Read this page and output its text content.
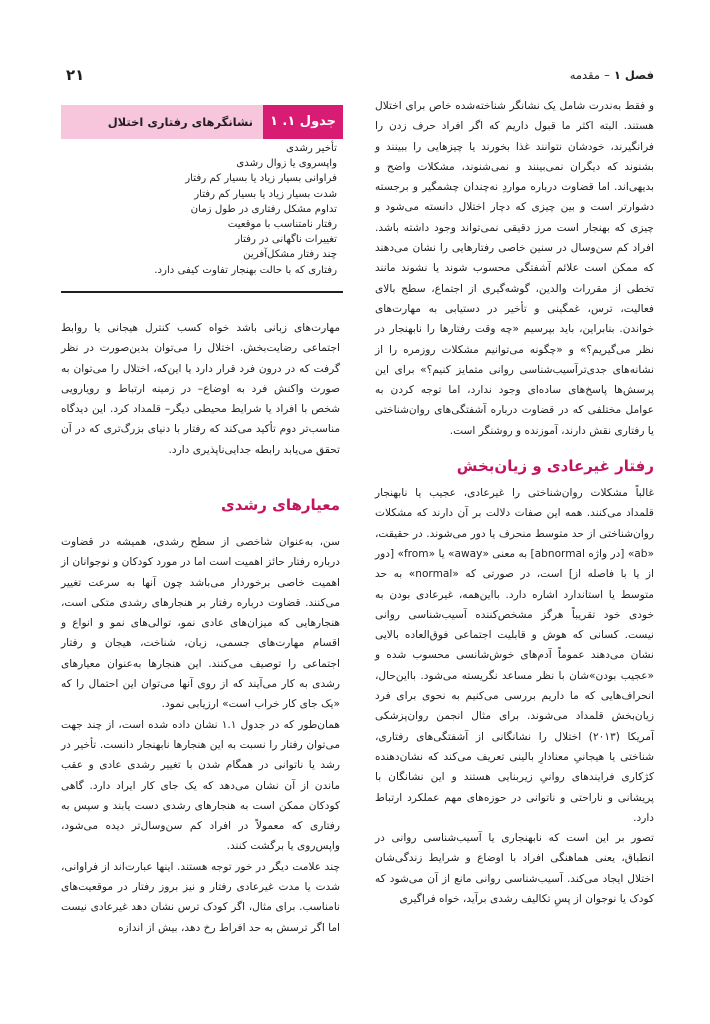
۲۱	فصل ۱–مقدمه
جدول ۱. ۱
نشانگرهای رفتاری اختلال
تأخیر رشدی
واپسروی یا زوال رشدی
فراوانی بسیار زیاد یا بسیار کم رفتار
شدت بسیار زیاد یا بسیار کم رفتار
تداوم مشکل رفتاری در طول زمان
رفتار نامتناسب با موقعیت
تغییرات ناگهانی در رفتار
چند رفتار مشکل‌آفرین
رفتاری که با حالت بهنجار تفاوت کیفی دارد.

و فقط به‌ندرت شامل یک نشانگر شناخته‌شده خاص برای اختلال هستند. البته اکثر ما قبول داریم که اگر افراد حرف زدن را فرانگیرند، خودشان نتوانند غذا بخورند یا چیزهایی را ببینند و بشنوند که دیگران نمی‌بینند و نمی‌شنوند، مشکلات واضح و بدیهی‌اند. اما قضاوت درباره مواردِ نه‌چندان چشمگیر و برجسته دشوارتر است و بین چیزی که دچار اختلال دانسته می‌شود و چیزی که بهنجار است مرز دقیقی نمی‌تواند وجود داشته باشد. افراد کم سن‌وسال در سنین خاصی رفتارهایی را نشان می‌دهند که ممکن است علائم آشفتگی محسوب شوند یا نشوند مانند تخطی از مقررات والدین، گوشه‌گیری از اجتماع، سطح بالای فعالیت، ترس، غمگینی و تأخیر در دستیابی به مهارت‌های خواندن. بنابراین، باید بپرسیم «چه وقت رفتارها را نابهنجار در نظر می‌گیریم؟» و «چگونه می‌توانیم مشکلات روزمره را از نشانه‌های جدی‌ترآسیب‌شناسی روانی متمایز کنیم؟» برای این پرسش‌ها پاسخ‌های ساده‌ای وجود ندارد، اما توجه کردن به عوامل مختلفی که در قضاوت درباره آشفتگی‌های روان‌شناختی یا رفتاری نقش دارند، آموزنده و روشنگر است.

رفتار غیرعادی و زیان‌بخش

غالباً مشکلات روان‌شناختی را غیرعادی، عجیب یا نابهنجار قلمداد می‌کنند. همه این صفات دلالت بر آن دارند که مشکلات روان‌شناختی از حد متوسط منحرف یا دور می‌شوند. در حقیقت، «ab» [در واژه abnormal] به معنی «away» یا «from» [دور از یا با فاصله از] است، در صورتی که «normal» به حد متوسط یا استاندارد اشاره دارد. بااین‌همه، غیرعادی بودن به خودی خود تقریباً هرگز مشخص‌کننده آسیب‌شناسی روانی نیست. کسانی که هوش و قابلیت اجتماعی فوق‌العاده بالایی نشان می‌دهند عموماً آدم‌های خوش‌شانسی محسوب شده و «عجیب بودن»شان با نظر مساعد نگریسته می‌شود. بااین‌حال، انحراف‌هایی که ما داریم بررسی می‌کنیم به نحوی برای فرد زیان‌بخش قلمداد می‌شوند. برای مثال انجمن روان‌پزشکی آمریکا (۲۰۱۳) اختلال را نشانگانی از آشفتگی‌های رفتاری، شناختی یا هیجانیِ معنادارِ بالینی تعریف می‌کند که نشان‌دهنده کژکاری فرایندهای روانیِ زیربنایی هستند و این نشانگان با پریشانی و ناراحتی و ناتوانی در حوزه‌های مهم عملکرد ارتباط دارد.

تصور بر این است که نابهنجاری یا آسیب‌شناسی روانی در انطباق، یعنی هماهنگی افراد با اوضاع و شرایط زندگی‌شان اختلال ایجاد می‌کند. آسیب‌شناسی روانی مانع از آن می‌شود که کودک یا نوجوان از پسِ تکالیف رشدی برآید، خواه فراگیری

مهارت‌های زبانی باشد خواه کسب کنترل هیجانی یا روابط اجتماعی رضایت‌بخش. اختلال را می‌توان بدین‌صورت در نظر گرفت که در درون فرد قرار دارد یا این‌که، اختلال را می‌توان به صورت واکنش فرد به اوضاع– در زمینه ارتباط و رویارویی شخص با افراد یا شرایط محیطی دیگر– قلمداد کرد. این دیدگاه مناسب‌تر دوم تأکید می‌کند که رفتار با دنیای بزرگ‌تری که در آن تحقق می‌یابد رابطه جدایی‌ناپذیری دارد.

معیارهای رشدی

سن، به‌عنوان شاخصی از سطح رشدی، همیشه در قضاوت درباره رفتار حائز اهمیت است اما در مورد کودکان و نوجوانان از اهمیت خاصی برخوردار می‌باشد چون آنها به سرعت تغییر می‌کنند. قضاوت درباره رفتار بر هنجارهای رشدی متکی است، هنجارهایی که میزان‌های عادی نمو، توالی‌های نمو و انواع و اقسام مهارت‌های جسمی، زبان، شناخت، هیجان و رفتار اجتماعی را توصیف می‌کنند. این هنجارها به‌عنوان معیارهای رشدی به کار می‌آیند که از روی آنها می‌توان این احتمال را که «یک جای کار خراب است» ارزیابی نمود.

همان‌طور که در جدول ۱.۱ نشان داده شده است، از چند جهت می‌توان رفتار را نسبت به این هنجارها نابهنجار دانست. تأخیر در رشد یا ناتوانی در همگام شدن با تغییر رشدی عادی و عقب ماندن از آن نشان می‌دهد که یک جای کار ایراد دارد. گاهی کودکان ممکن است به هنجارهای رشدی دست یابند و سپس به رفتاری که معمولاً در افراد کم سن‌وسال‌تر دیده می‌شود، واپس‌روی یا برگشت کنند.

چند علامت دیگر در خور توجه هستند. اینها عبارت‌اند از فراوانی، شدت یا مدت غیرعادی رفتار و نیز بروز رفتار در موقعیت‌های نامناسب. برای مثال، اگر کودک ترس نشان دهد غیرعادی نیست اما اگر ترسش به حد افراط رخ دهد، بیش از اندازه
